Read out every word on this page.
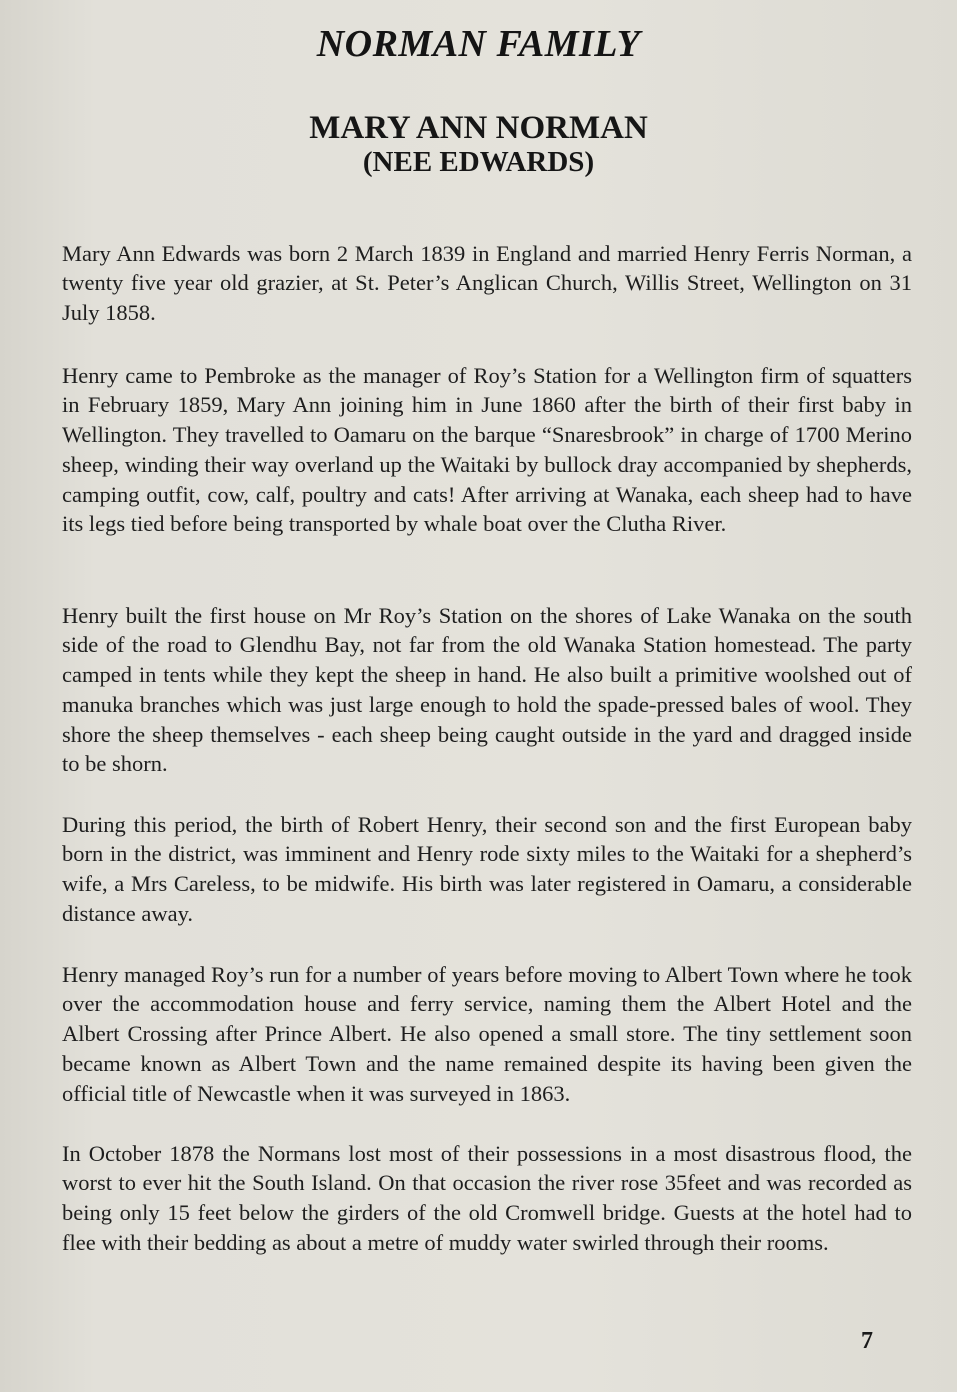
NORMAN FAMILY
MARY ANN NORMAN
(NEE EDWARDS)

Mary Ann Edwards was born 2 March 1839 in England and married Henry Ferris Norman, a twenty five year old grazier, at St. Peter’s Anglican Church, Willis Street, Wellington on 31 July 1858.

Henry came to Pembroke as the manager of Roy’s Station for a Wellington firm of squatters in February 1859, Mary Ann joining him in June 1860 after the birth of their first baby in Wellington. They travelled to Oamaru on the barque “Snaresbrook” in charge of 1700 Merino sheep, winding their way overland up the Waitaki by bullock dray accompanied by shepherds, camping outfit, cow, calf, poultry and cats! After arriving at Wanaka, each sheep had to have its legs tied before being transported by whale boat over the Clutha River.

Henry built the first house on Mr Roy’s Station on the shores of Lake Wanaka on the south side of the road to Glendhu Bay, not far from the old Wanaka Station homestead. The party camped in tents while they kept the sheep in hand. He also built a primitive woolshed out of manuka branches which was just large enough to hold the spade-pressed bales of wool. They shore the sheep themselves - each sheep being caught outside in the yard and dragged inside to be shorn.

During this period, the birth of Robert Henry, their second son and the first European baby born in the district, was imminent and Henry rode sixty miles to the Waitaki for a shepherd’s wife, a Mrs Careless, to be midwife. His birth was later registered in Oamaru, a considerable distance away.

Henry managed Roy’s run for a number of years before moving to Albert Town where he took over the accommodation house and ferry service, naming them the Albert Hotel and the Albert Crossing after Prince Albert. He also opened a small store. The tiny settlement soon became known as Albert Town and the name remained despite its having been given the official title of Newcastle when it was surveyed in 1863.

In October 1878 the Normans lost most of their possessions in a most disastrous flood, the worst to ever hit the South Island. On that occasion the river rose 35feet and was recorded as being only 15 feet below the girders of the old Cromwell bridge. Guests at the hotel had to flee with their bedding as about a metre of muddy water swirled through their rooms.

7
